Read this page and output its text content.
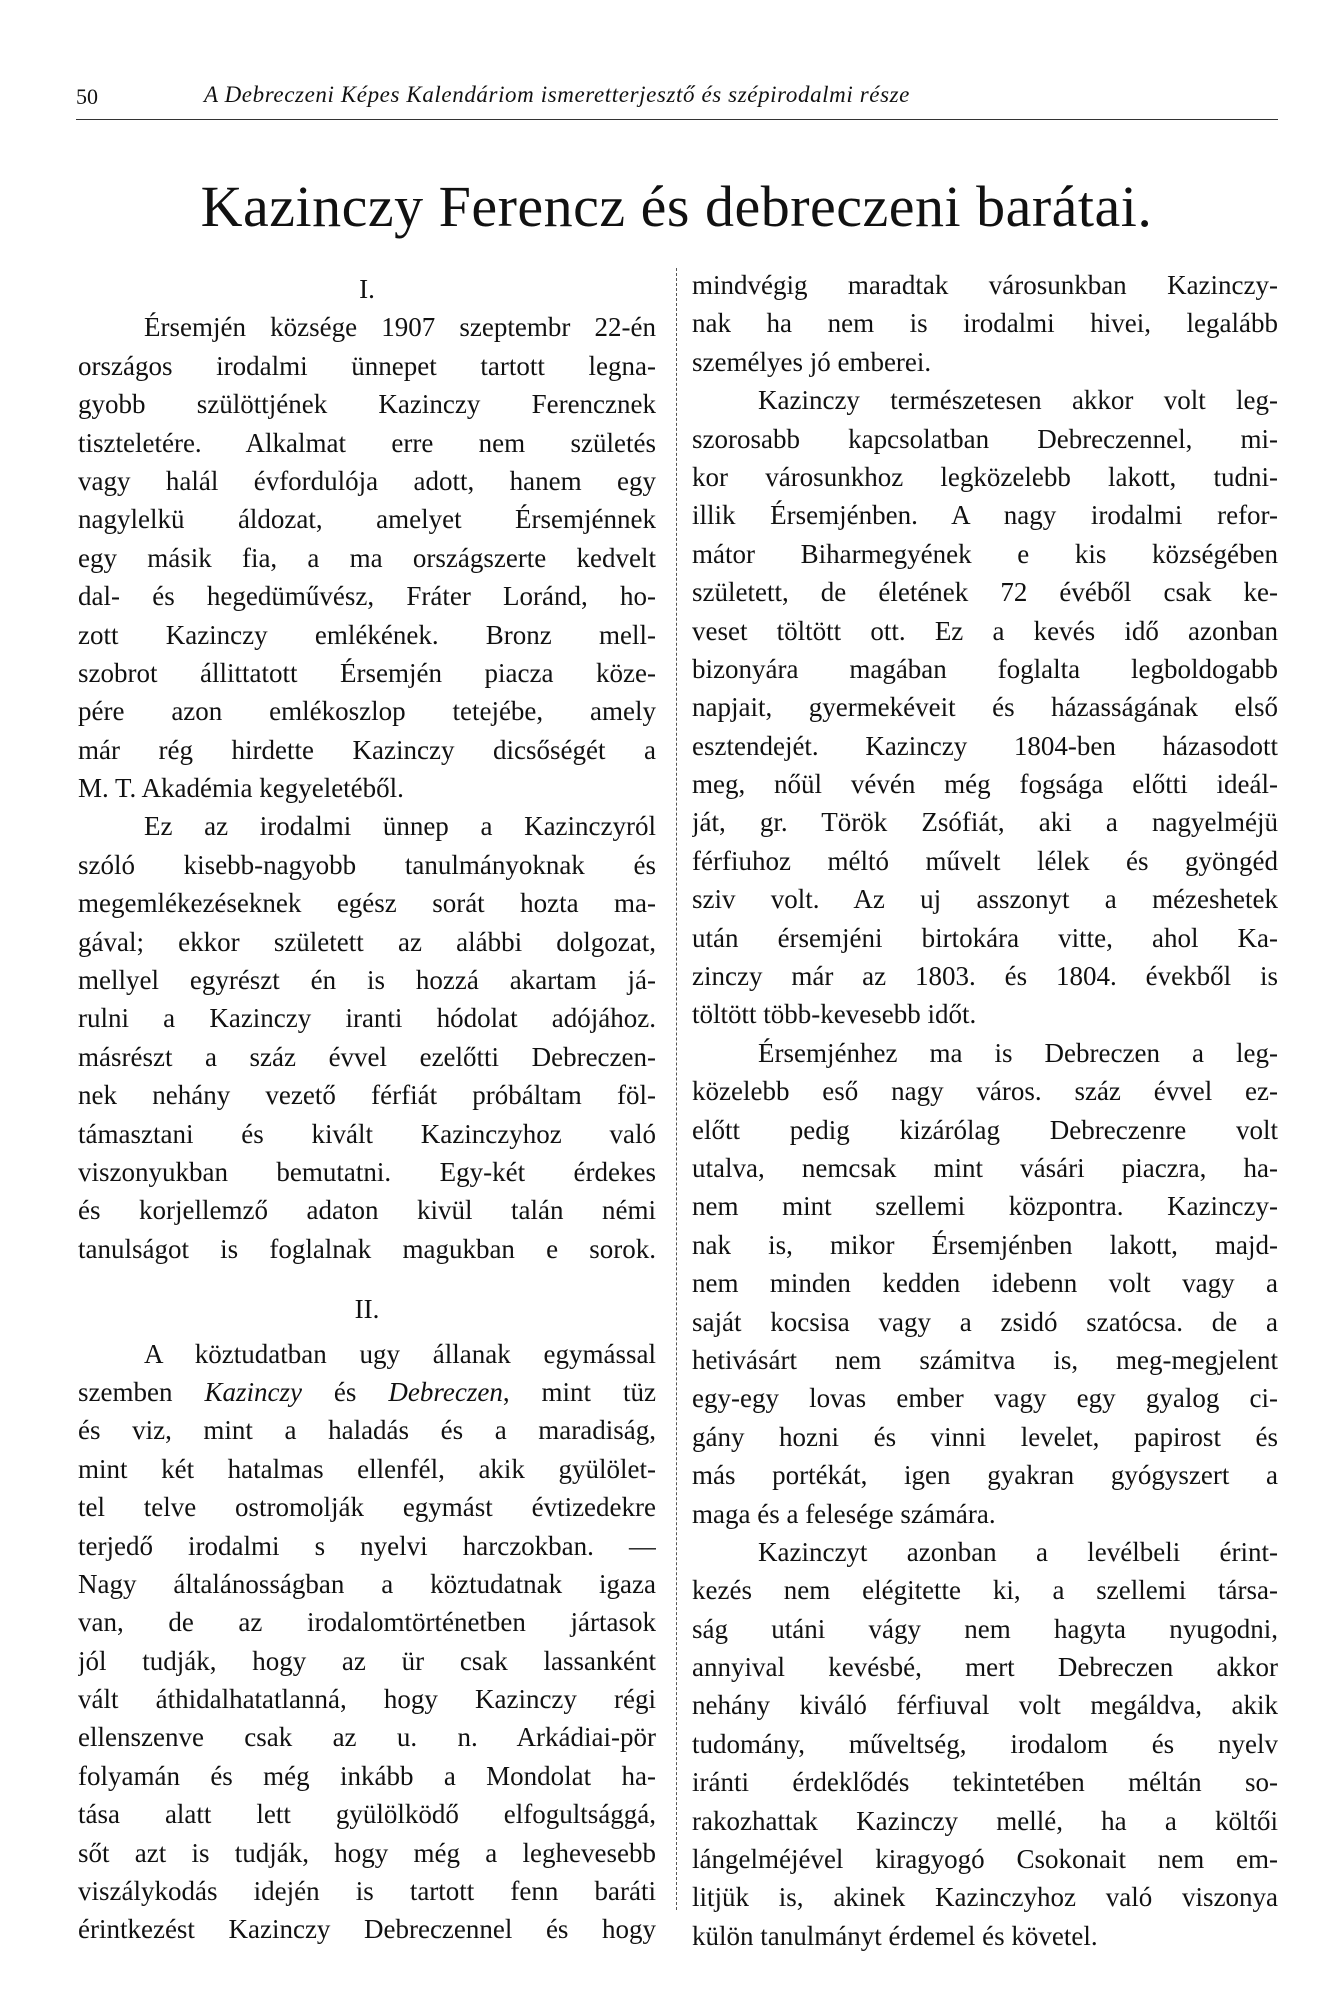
50	A Debreczeni Képes Kalendáriom ismeretterjesztő és szépirodalmi része
Kazinczy Ferencz és debreczeni barátai.
I.
Érsemjén községe 1907 szeptembr 22-én
országos irodalmi ünnepet tartott legna-
gyobb szülöttjének Kazinczy Ferencznek
tiszteletére. Alkalmat erre nem születés
vagy halál évfordulója adott, hanem egy
nagylelkü áldozat, amelyet Érsemjénnek
egy másik fia, a ma országszerte kedvelt
dal- és hegedüművész, Fráter Loránd, ho-
zott Kazinczy emlékének. Bronz mell-
szobrot állittatott Érsemjén piacza köze-
pére azon emlékoszlop tetejébe, amely
már rég hirdette Kazinczy dicsőségét a
M. T. Akadémia kegyeletéből.
Ez az irodalmi ünnep a Kazinczyról
szóló kisebb-nagyobb tanulmányoknak és
megemlékezéseknek egész sorát hozta ma-
gával; ekkor született az alábbi dolgozat,
mellyel egyrészt én is hozzá akartam já-
rulni a Kazinczy iranti hódolat adójához.
másrészt a száz évvel ezelőtti Debreczen-
nek nehány vezető férfiát próbáltam föl-
támasztani és kivált Kazinczyhoz való
viszonyukban bemutatni. Egy-két érdekes
és korjellemző adaton kivül talán némi
tanulságot is foglalnak magukban e sorok.
II.
A köztudatban ugy állanak egymással
szemben Kazinczy és Debreczen, mint tüz
és viz, mint a haladás és a maradiság,
mint két hatalmas ellenfél, akik gyülölet-
tel telve ostromolják egymást évtizedekre
terjedő irodalmi s nyelvi harczokban. —
Nagy általánosságban a köztudatnak igaza
van, de az irodalomtörténetben jártasok
jól tudják, hogy az ür csak lassanként
vált áthidalhatatlanná, hogy Kazinczy régi
ellenszenve csak az u. n. Arkádiai-pör
folyamán és még inkább a Mondolat ha-
tása alatt lett gyülölködő elfogultsággá,
sőt azt is tudják, hogy még a leghevesebb
viszálykodás idején is tartott fenn baráti
érintkezést Kazinczy Debreczennel és hogy
mindvégig maradtak városunkban Kazinczy-
nak ha nem is irodalmi hivei, legalább
személyes jó emberei.
Kazinczy természetesen akkor volt leg-
szorosabb kapcsolatban Debreczennel, mi-
kor városunkhoz legközelebb lakott, tudni-
illik Érsemjénben. A nagy irodalmi refor-
mátor Biharmegyének e kis községében
született, de életének 72 évéből csak ke-
veset töltött ott. Ez a kevés idő azonban
bizonyára magában foglalta legboldogabb
napjait, gyermekéveit és házasságának első
esztendejét. Kazinczy 1804-ben házasodott
meg, nőül vévén még fogsága előtti ideál-
ját, gr. Török Zsófiát, aki a nagyelméjü
férfiuhoz méltó művelt lélek és gyöngéd
sziv volt. Az uj asszonyt a mézeshetek
után érsemjéni birtokára vitte, ahol Ka-
zinczy már az 1803. és 1804. évekből is
töltött több-kevesebb időt.
Érsemjénhez ma is Debreczen a leg-
közelebb eső nagy város. száz évvel ez-
előtt pedig kizárólag Debreczenre volt
utalva, nemcsak mint vásári piaczra, ha-
nem mint szellemi központra. Kazinczy-
nak is, mikor Érsemjénben lakott, majd-
nem minden kedden idebenn volt vagy a
saját kocsisa vagy a zsidó szatócsa. de a
hetivásárt nem számitva is, meg-megjelent
egy-egy lovas ember vagy egy gyalog ci-
gány hozni és vinni levelet, papirost és
más portékát, igen gyakran gyógyszert a
maga és a felesége számára.
Kazinczyt azonban a levélbeli érint-
kezés nem elégitette ki, a szellemi társa-
ság utáni vágy nem hagyta nyugodni,
annyival kevésbé, mert Debreczen akkor
nehány kiváló férfiuval volt megáldva, akik
tudomány, műveltség, irodalom és nyelv
iránti érdeklődés tekintetében méltán so-
rakozhattak Kazinczy mellé, ha a költői
lángelméjével kiragyogó Csokonait nem em-
litjük is, akinek Kazinczyhoz való viszonya
külön tanulmányt érdemel és követel.
